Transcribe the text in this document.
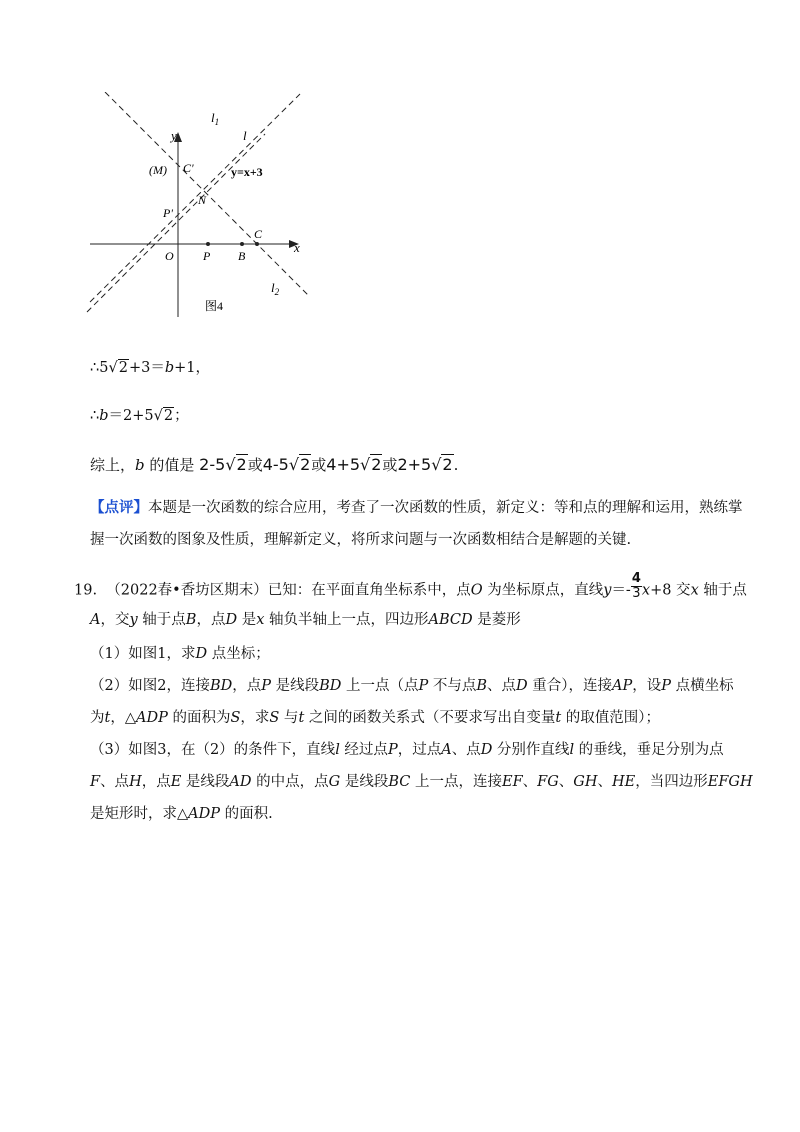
y
x
$l_1$
l
$l_2$
(M) C'	y=x+3
N
P'
O P B
C
图4
∴5√2+3＝b+1，
∴b＝2+5√2；
综上，b 的值是 2-5√2或4-5√2或4+5√2或2+5√2.
【点评】本题是一次函数的综合应用，考查了一次函数的性质，新定义：等和点的理解和运用，熟练掌
握一次函数的图象及性质，理解新定义，将所求问题与一次函数相结合是解题的关键.
19. （2022春•香坊区期末）已知：在平面直角坐标系中，点O 为坐标原点，直线$y=- \frac{4}{3} x+8$ 交x 轴于点
A，交y 轴于点B，点D 是x 轴负半轴上一点，四边形ABCD 是菱形
（1）如图1，求D 点坐标；
（2）如图2，连接BD，点P 是线段BD 上一点（点P 不与点B、点D 重合），连接AP，设P 点横坐标
为t，△ADP 的面积为S，求S 与t 之间的函数关系式（不要求写出自变量t 的取值范围）；
（3）如图3，在（2）的条件下，直线l 经过点P，过点A、点D 分别作直线l 的垂线，垂足分别为点
F、点H，点E 是线段AD 的中点，点G 是线段BC 上一点，连接EF、FG、GH、HE，当四边形EFGH
是矩形时，求△ADP 的面积.
